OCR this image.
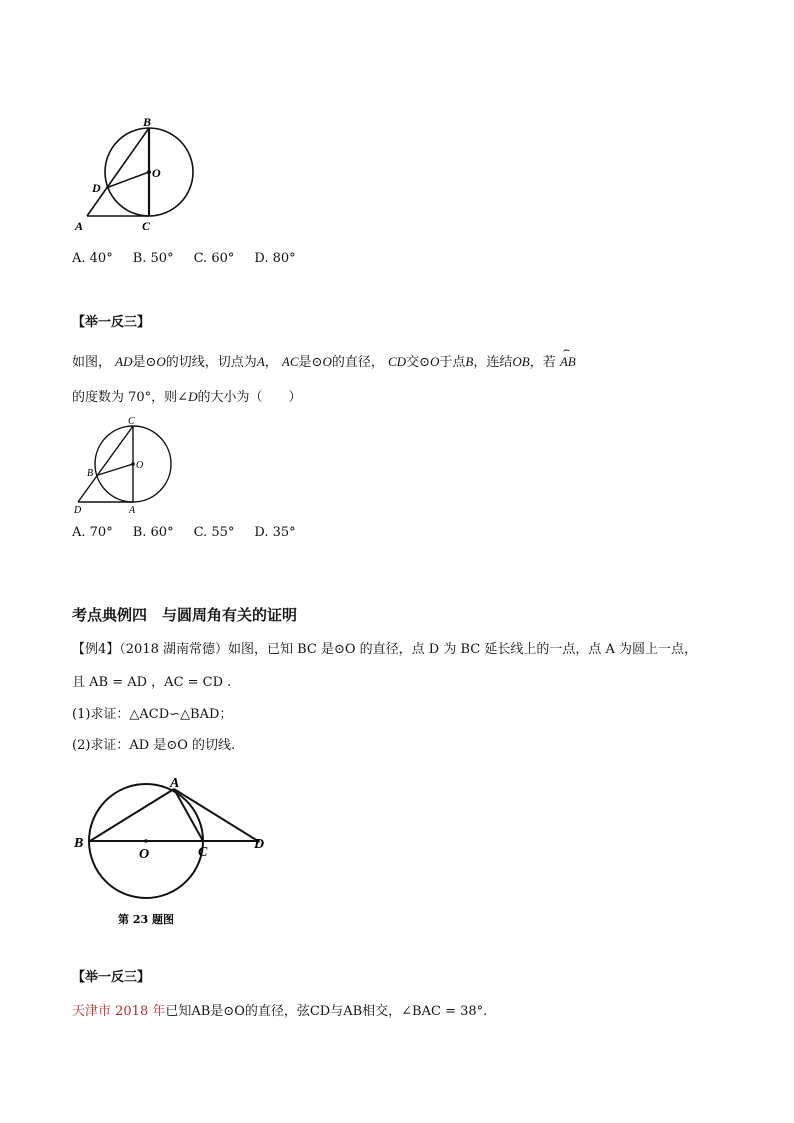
B
D
O
A	C
A. 40° B. 50° C. 60° D. 80°
【举一反三】
如图， AD是⊙O的切线，切点为A， AC是⊙O的直径， CD交⊙O于点B，连结OB，若
⌢
AB
的度数为 70°，则∠D的大小为（　　）
C
O
B
D	A
A. 70° B. 60° C. 55° D. 35°
考点典例四　与圆周角有关的证明
【例4】（2018 湖南常德）如图，已知 BC 是⊙O 的直径，点 D 为 BC 延长线上的一点，点 A 为圆上一点，
且 AB = AD ，AC = CD .
(1)求证：△ACD∽△BAD；
(2)求证：AD 是⊙O 的切线.
A
B
O	C
D
第 23 题图
【举一反三】
天津市 2018 年已知AB是⊙O的直径，弦CD与AB相交，∠BAC = 38°.
